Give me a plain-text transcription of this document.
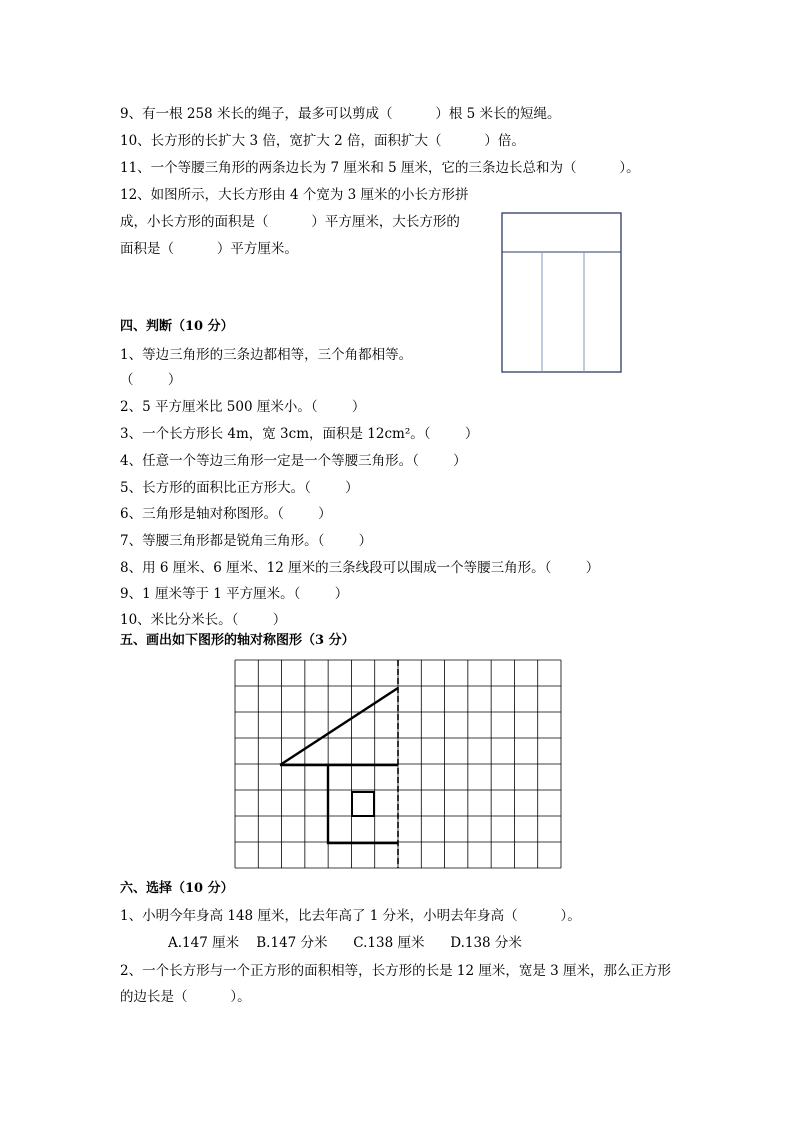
9、有一根 258 米长的绳子，最多可以剪成（          ）根 5 米长的短绳。
10、长方形的长扩大 3 倍，宽扩大 2 倍，面积扩大（          ）倍。
11、一个等腰三角形的两条边长为 7 厘米和 5 厘米，它的三条边长总和为（          ）。
12、如图所示，大长方形由 4 个宽为 3 厘米的小长方形拼
成，小长方形的面积是（          ）平方厘米，大长方形的
面积是（          ）平方厘米。
四、判断（10 分）
1、等边三角形的三条边都相等，三个角都相等。
（        ）
2、5 平方厘米比 500 厘米小。（        ）
3、一个长方形长 4m，宽 3cm，面积是 12cm²。（        ）
4、任意一个等边三角形一定是一个等腰三角形。（        ）
5、长方形的面积比正方形大。（        ）
6、三角形是轴对称图形。（        ）
7、等腰三角形都是锐角三角形。（        ）
8、用 6 厘米、6 厘米、12 厘米的三条线段可以围成一个等腰三角形。（        ）
9、1 厘米等于 1 平方厘米。（        ）
10、米比分米长。（        ）
五、画出如下图形的轴对称图形（3 分）
六、选择（10 分）
1、小明今年身高 148 厘米，比去年高了 1 分米，小明去年身高（          ）。
A.147 厘米    B.147 分米      C.138 厘米      D.138 分米
2、一个长方形与一个正方形的面积相等，长方形的长是 12 厘米，宽是 3 厘米，那么正方形
的边长是（          ）。
